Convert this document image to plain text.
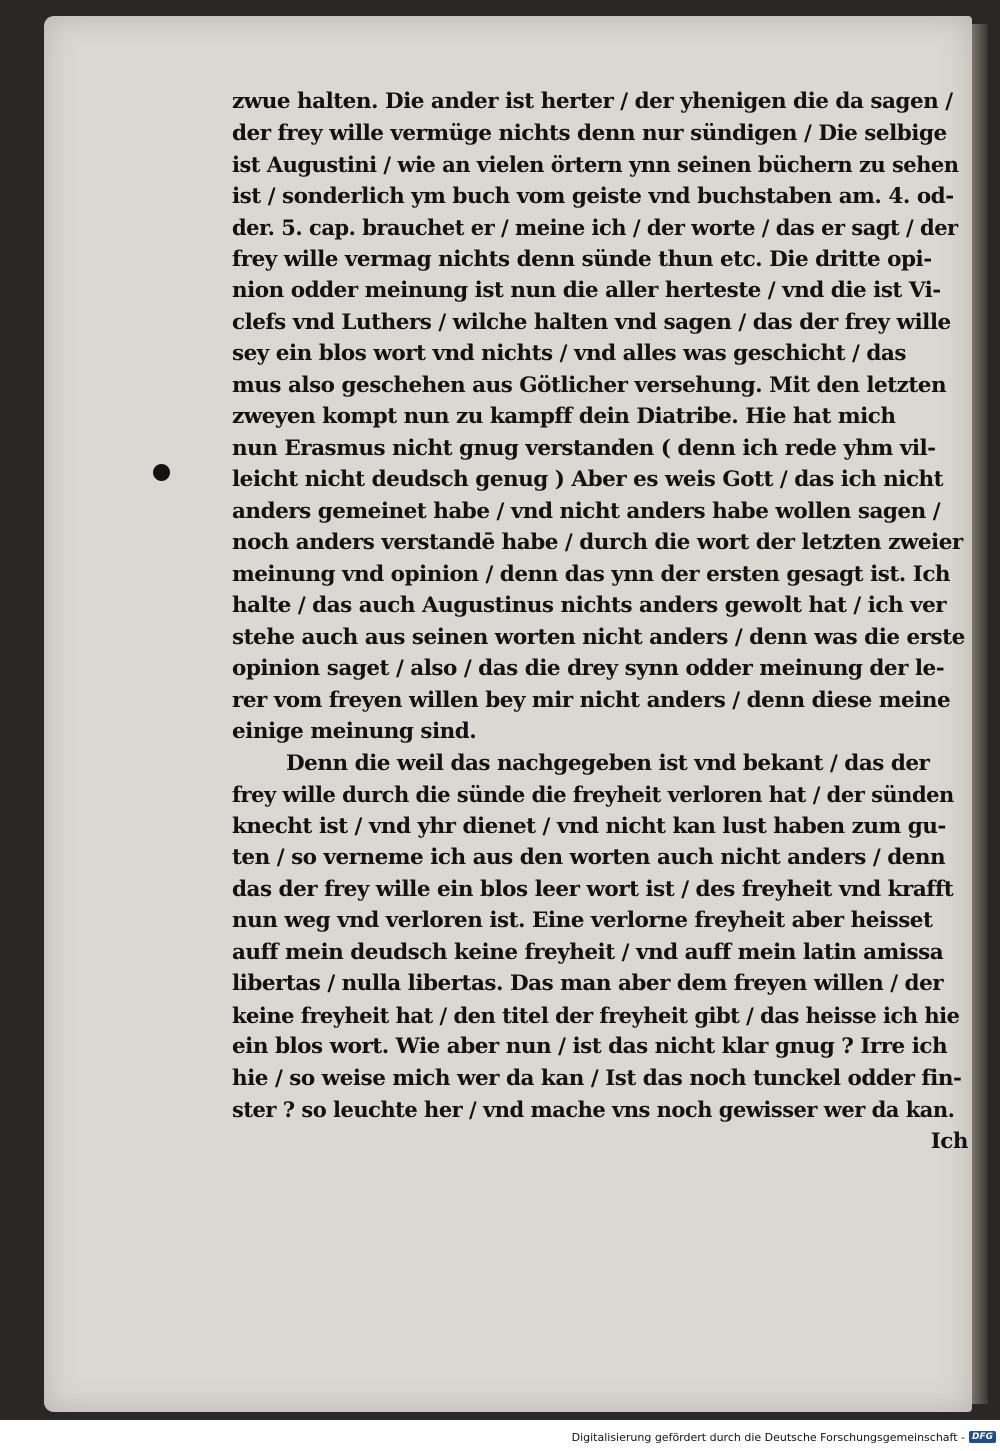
zwue halten. Die ander ist herter / der yhenigen die da sagen /
der frey wille vermüge nichts denn nur sündigen / Die selbige
ist Augustini / wie an vielen örtern ynn seinen büchern zu sehen
ist / sonderlich ym buch vom geiste vnd buchstaben am. 4. od-
der. 5. cap. brauchet er / meine ich / der worte / das er sagt / der
frey wille vermag nichts denn sünde thun etc. Die dritte opi-
nion odder meinung ist nun die aller herteste / vnd die ist Vi-
clefs vnd Luthers / wilche halten vnd sagen / das der frey wille
sey ein blos wort vnd nichts / vnd alles was geschicht / das
mus also geschehen aus Götlicher versehung. Mit den letzten
zweyen kompt nun zu kampff dein Diatribe. Hie hat mich
nun Erasmus nicht gnug verstanden ( denn ich rede yhm vil-
leicht nicht deudsch genug ) Aber es weis Gott / das ich nicht
anders gemeinet habe / vnd nicht anders habe wollen sagen /
noch anders verstandē habe / durch die wort der letzten zweier
meinung vnd opinion / denn das ynn der ersten gesagt ist. Ich
halte / das auch Augustinus nichts anders gewolt hat / ich ver
stehe auch aus seinen worten nicht anders / denn was die erste
opinion saget / also / das die drey synn odder meinung der le-
rer vom freyen willen bey mir nicht anders / denn diese meine
einige meinung sind.
Denn die weil das nachgegeben ist vnd bekant / das der
frey wille durch die sünde die freyheit verloren hat / der sünden
knecht ist / vnd yhr dienet / vnd nicht kan lust haben zum gu-
ten / so verneme ich aus den worten auch nicht anders / denn
das der frey wille ein blos leer wort ist / des freyheit vnd krafft
nun weg vnd verloren ist. Eine verlorne freyheit aber heisset
auff mein deudsch keine freyheit / vnd auff mein latin amissa
libertas / nulla libertas. Das man aber dem freyen willen / der
keine freyheit hat / den titel der freyheit gibt / das heisse ich hie
ein blos wort. Wie aber nun / ist das nicht klar gnug ? Irre ich
hie / so weise mich wer da kan / Ist das noch tunckel odder fin-
ster ? so leuchte her / vnd mache vns noch gewisser wer da kan.
Ich
Digitalisierung gefördert durch die Deutsche Forschungsgemeinschaft - DFG
